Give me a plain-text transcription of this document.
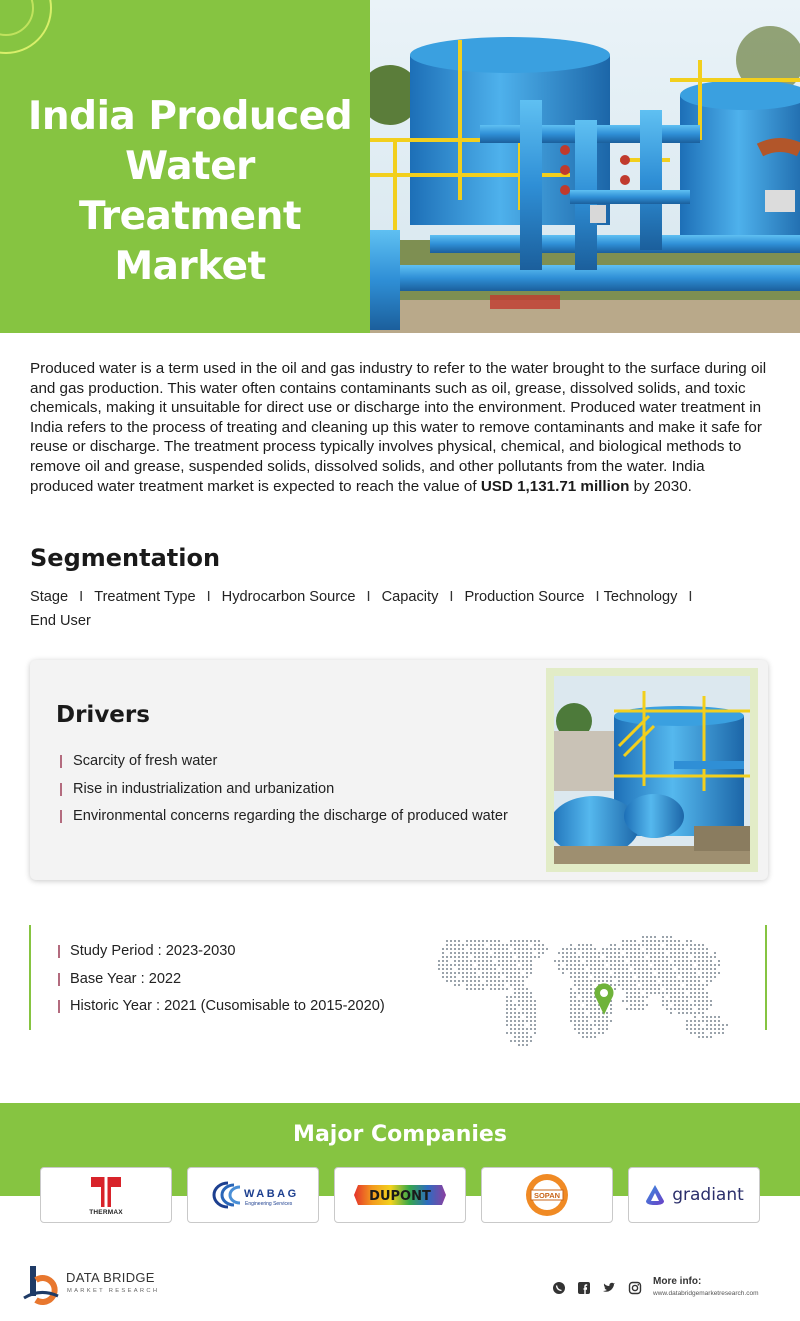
India Produced Water Treatment Market

Produced water is a term used in the oil and gas industry to refer to the water brought to the surface during oil and gas production. This water often contains contaminants such as oil, grease, dissolved solids, and toxic chemicals, making it unsuitable for direct use or discharge into the environment. Produced water treatment in India refers to the process of treating and cleaning up this water to remove contaminants and make it safe for reuse or discharge. The treatment process typically involves physical, chemical, and biological methods to remove oil and grease, suspended solids, dissolved solids, and other pollutants from the water. India produced water treatment market is expected to reach the value of USD 1,131.71 million by 2030.

Segmentation
Stage I Treatment Type I Hydrocarbon Source I Capacity I Production Source I Technology I
End User
Drivers
Scarcity of fresh water
Rise in industrialization and urbanization
Environmental concerns regarding the discharge of produced water
Study Period : 2023-2030
Base Year : 2022
Historic Year : 2021 (Cusomisable to 2015-2020)
Major Companies
THERMAX
WABAG
Engineering Services	DUPONT	SOPAN	gradiant
DATA BRIDGE
MARKET RESEARCH
More info:
www.databridgemarketresearch.com
